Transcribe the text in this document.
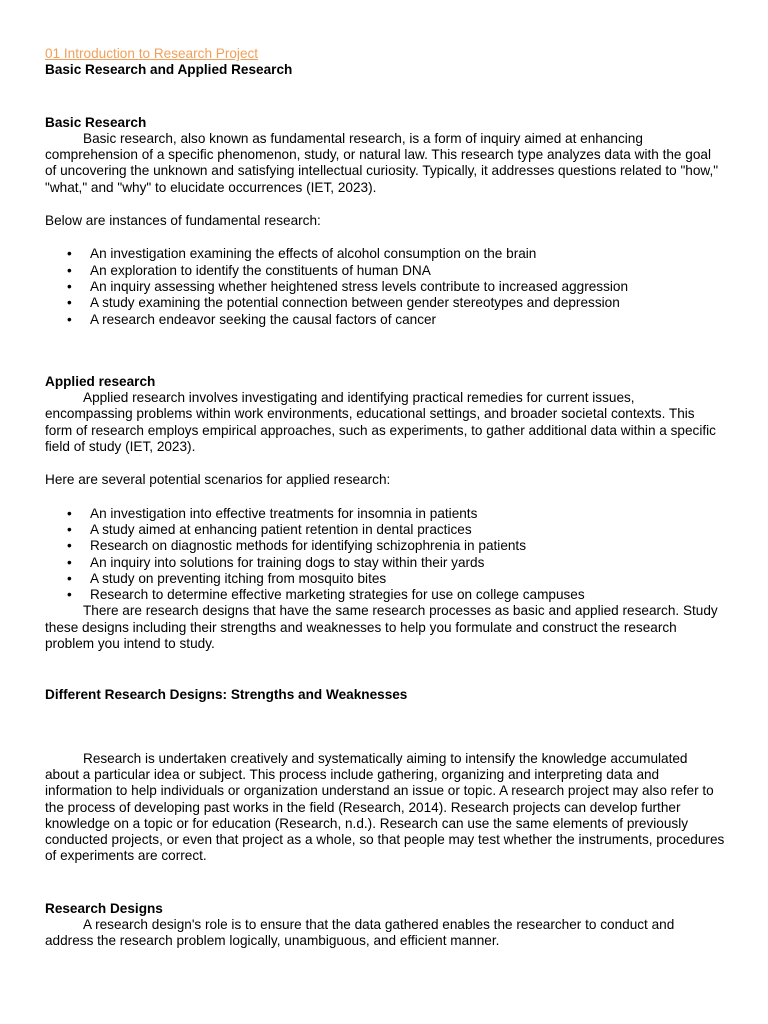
01 Introduction to Research Project

Basic Research and Applied Research

Basic Research

Basic research, also known as fundamental research, is a form of inquiry aimed at enhancing comprehension of a specific phenomenon, study, or natural law. This research type analyzes data with the goal of uncovering the unknown and satisfying intellectual curiosity. Typically, it addresses questions related to "how," "what," and "why" to elucidate occurrences (IET, 2023).

Below are instances of fundamental research:

• An investigation examining the effects of alcohol consumption on the brain
• An exploration to identify the constituents of human DNA
• An inquiry assessing whether heightened stress levels contribute to increased aggression
• A study examining the potential connection between gender stereotypes and depression
• A research endeavor seeking the causal factors of cancer

Applied research

Applied research involves investigating and identifying practical remedies for current issues, encompassing problems within work environments, educational settings, and broader societal contexts. This form of research employs empirical approaches, such as experiments, to gather additional data within a specific field of study (IET, 2023).

Here are several potential scenarios for applied research:

• An investigation into effective treatments for insomnia in patients
• A study aimed at enhancing patient retention in dental practices
• Research on diagnostic methods for identifying schizophrenia in patients
• An inquiry into solutions for training dogs to stay within their yards
• A study on preventing itching from mosquito bites
• Research to determine effective marketing strategies for use on college campuses

There are research designs that have the same research processes as basic and applied research. Study these designs including their strengths and weaknesses to help you formulate and construct the research problem you intend to study.

Different Research Designs: Strengths and Weaknesses

Research is undertaken creatively and systematically aiming to intensify the knowledge accumulated about a particular idea or subject. This process include gathering, organizing and interpreting data and information to help individuals or organization understand an issue or topic. A research project may also refer to the process of developing past works in the field (Research, 2014). Research projects can develop further knowledge on a topic or for education (Research, n.d.). Research can use the same elements of previously conducted projects, or even that project as a whole, so that people may test whether the instruments, procedures of experiments are correct.

Research Designs

A research design's role is to ensure that the data gathered enables the researcher to conduct and address the research problem logically, unambiguous, and efficient manner.
